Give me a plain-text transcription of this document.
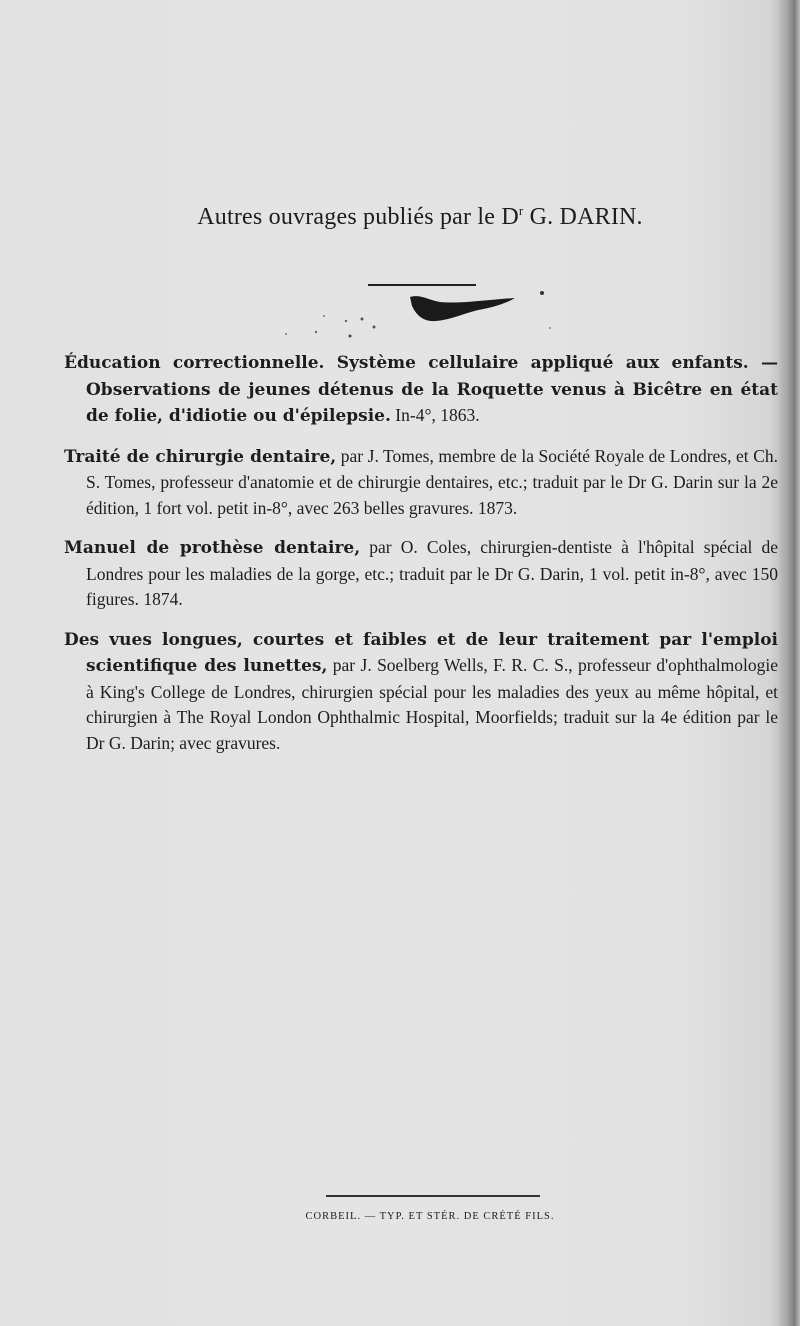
Autres ouvrages publiés par le $D^r$ G. DARIN.

Éducation correctionnelle. Système cellulaire appliqué aux enfants. — Observations de jeunes détenus de la Roquette venus à Bicêtre en état de folie, d'idiotie ou d'épilepsie. In-4°, 1863.

Traité de chirurgie dentaire, par J. Tomes, membre de la Société Royale de Londres, et Ch. S. Tomes, professeur d'anatomie et de chirurgie dentaires, etc.; traduit par le Dr G. Darin sur la 2e édition, 1 fort vol. petit in-8°, avec 263 belles gravures. 1873.

Manuel de prothèse dentaire, par O. Coles, chirurgien-dentiste à l'hôpital spécial de Londres pour les maladies de la gorge, etc.; traduit par le Dr G. Darin, 1 vol. petit in-8°, avec 150 figures. 1874.

Des vues longues, courtes et faibles et de leur traitement par l'emploi scientifique des lunettes, par J. Soelberg Wells, F. R. C. S., professeur d'ophthalmologie à King's College de Londres, chirurgien spécial pour les maladies des yeux au même hôpital, et chirurgien à The Royal London Ophthalmic Hospital, Moorfields; traduit sur la 4e édition par le Dr G. Darin; avec gravures.

CORBEIL. — TYP. ET STÉR. DE CRÉTÉ FILS.
